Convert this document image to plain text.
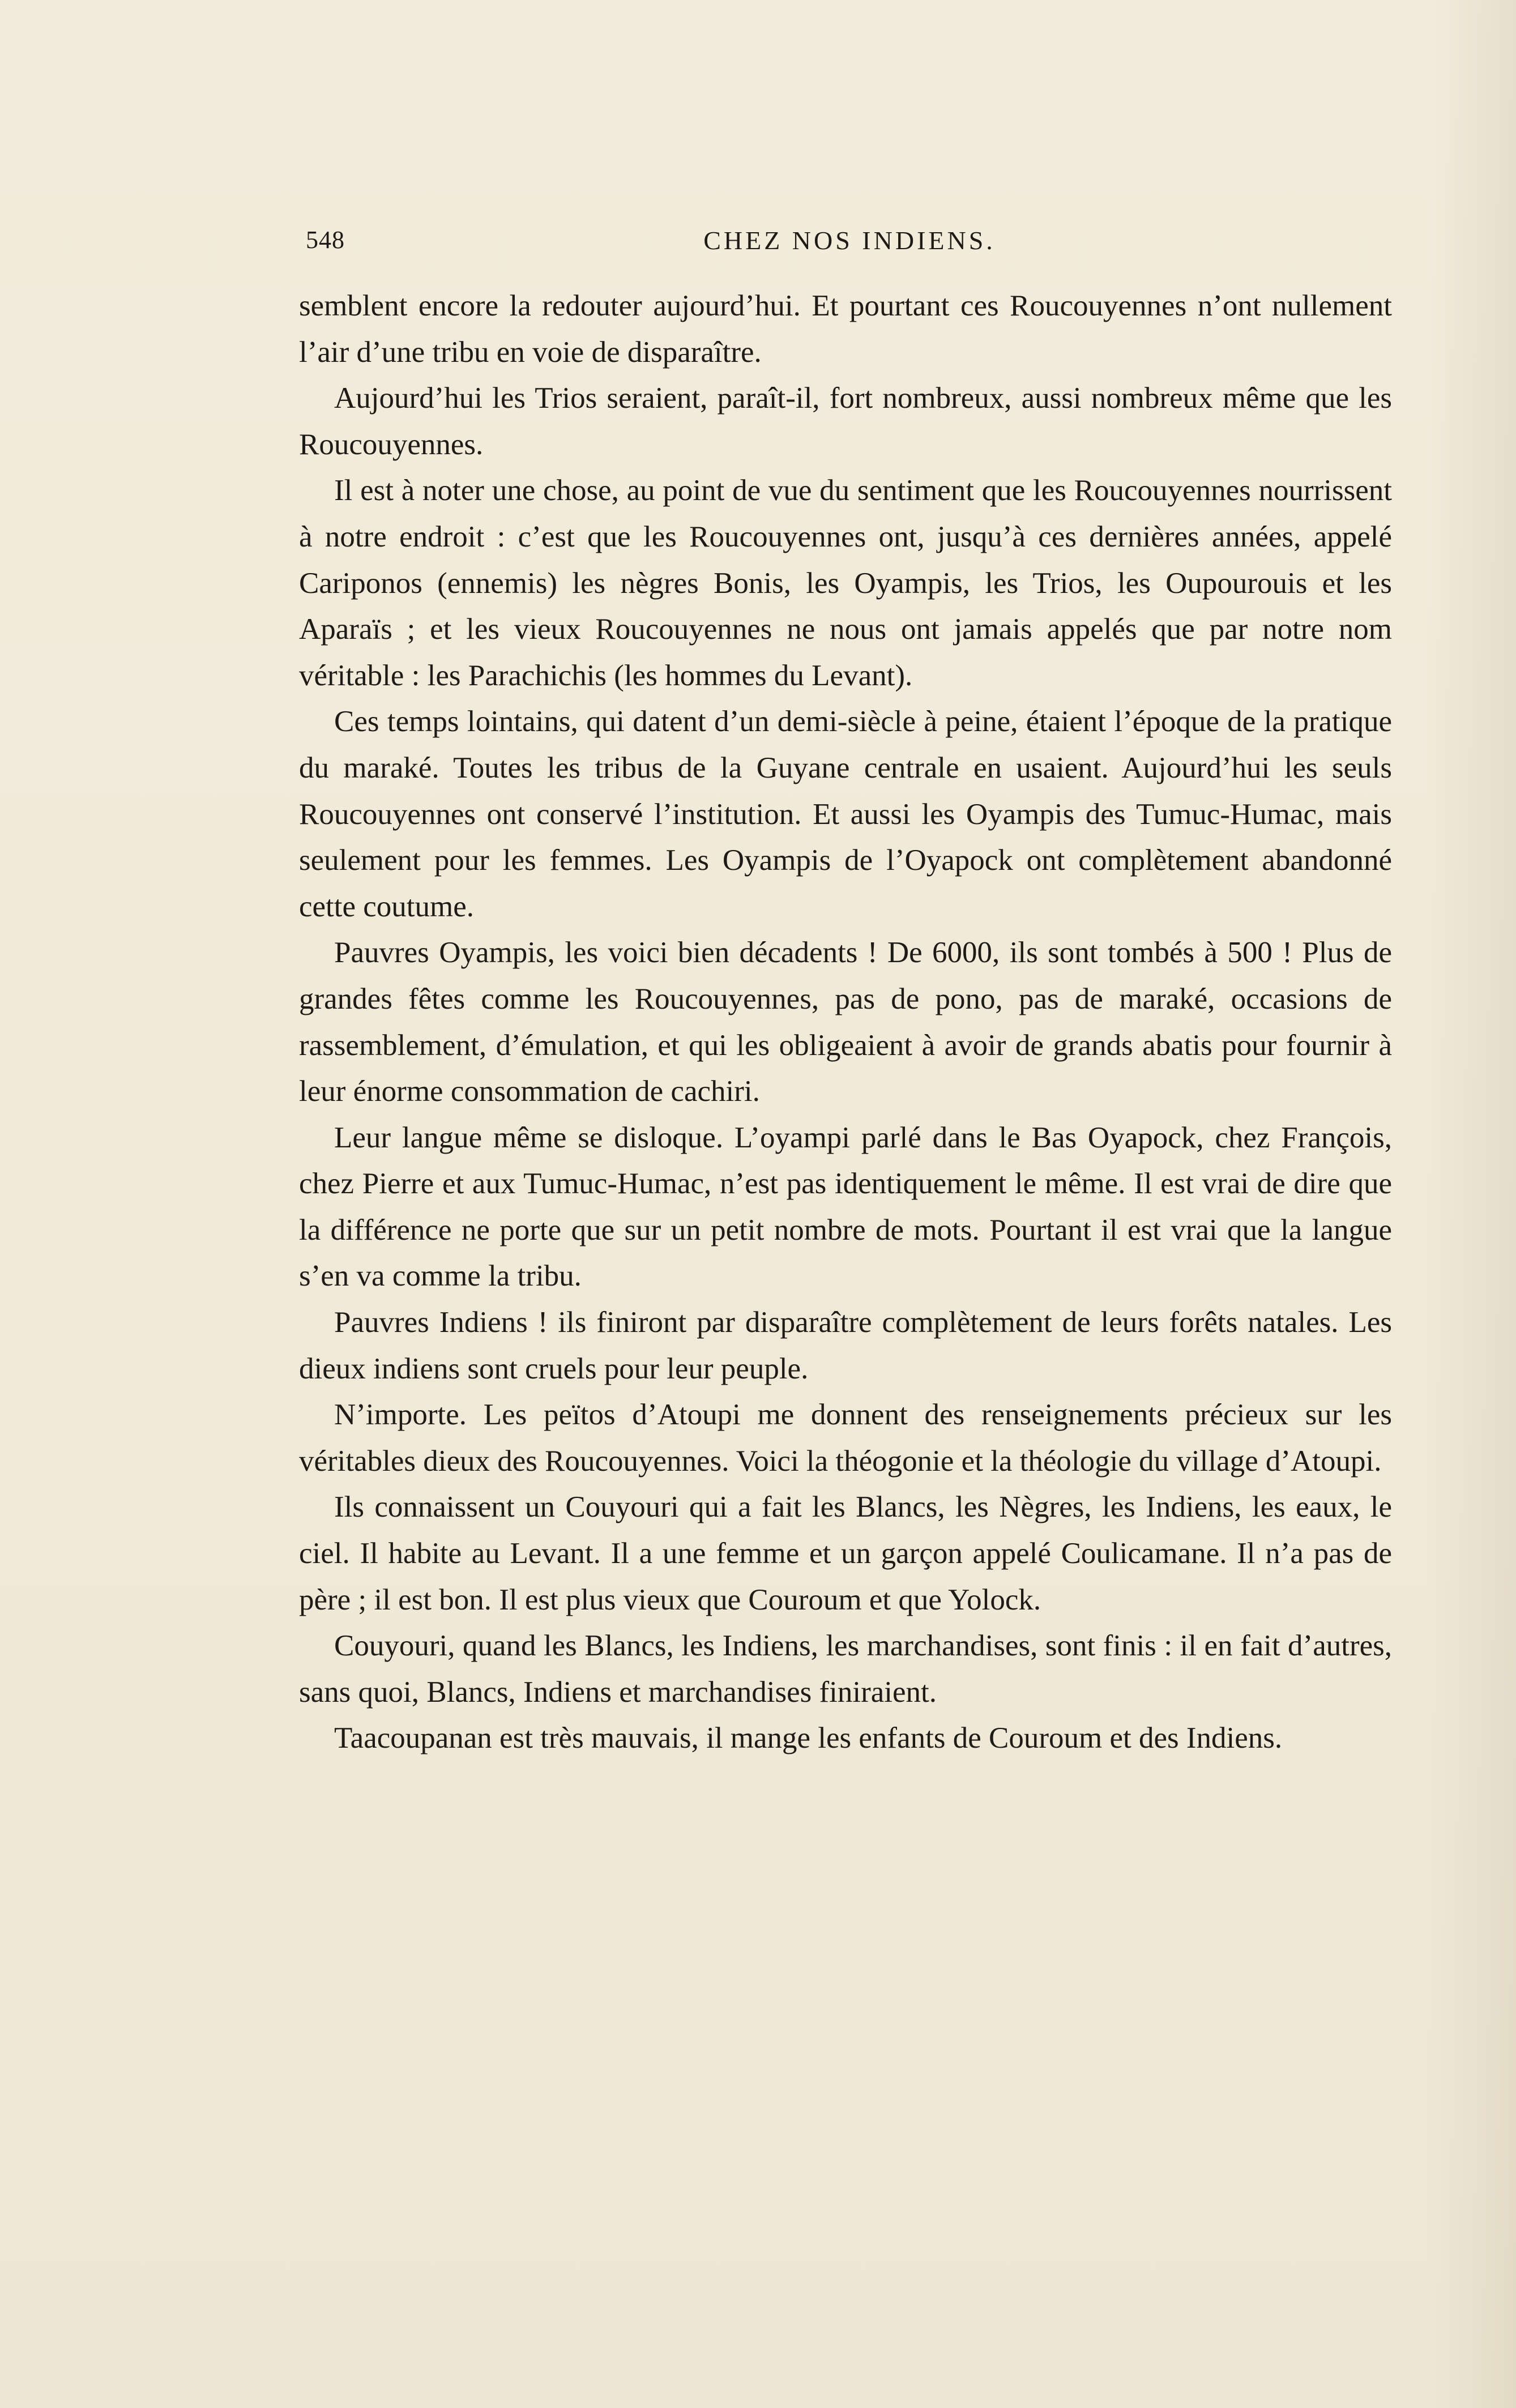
548	CHEZ NOS INDIENS.

semblent encore la redouter aujourd’hui. Et pourtant ces Roucouyennes n’ont nullement l’air d’une tribu en voie de disparaître.

Aujourd’hui les Trios seraient, paraît-il, fort nombreux, aussi nombreux même que les Roucouyennes.

Il est à noter une chose, au point de vue du sentiment que les Roucouyennes nourrissent à notre endroit : c’est que les Roucouyennes ont, jusqu’à ces dernières années, appelé Cariponos (ennemis) les nègres Bonis, les Oyampis, les Trios, les Oupourouis et les Aparaïs ; et les vieux Roucouyennes ne nous ont jamais appelés que par notre nom véritable : les Parachichis (les hommes du Levant).

Ces temps lointains, qui datent d’un demi-siècle à peine, étaient l’époque de la pratique du maraké. Toutes les tribus de la Guyane centrale en usaient. Aujourd’hui les seuls Roucouyennes ont conservé l’institution. Et aussi les Oyampis des Tumuc-Humac, mais seulement pour les femmes. Les Oyampis de l’Oyapock ont complètement abandonné cette coutume.

Pauvres Oyampis, les voici bien décadents ! De 6000, ils sont tombés à 500 ! Plus de grandes fêtes comme les Roucouyennes, pas de pono, pas de maraké, occasions de rassemblement, d’émulation, et qui les obligeaient à avoir de grands abatis pour fournir à leur énorme consommation de cachiri.

Leur langue même se disloque. L’oyampi parlé dans le Bas Oyapock, chez François, chez Pierre et aux Tumuc-Humac, n’est pas identiquement le même. Il est vrai de dire que la différence ne porte que sur un petit nombre de mots. Pourtant il est vrai que la langue s’en va comme la tribu.

Pauvres Indiens ! ils finiront par disparaître complètement de leurs forêts natales. Les dieux indiens sont cruels pour leur peuple.

N’importe. Les peïtos d’Atoupi me donnent des renseignements précieux sur les véritables dieux des Roucouyennes. Voici la théogonie et la théologie du village d’Atoupi.

Ils connaissent un Couyouri qui a fait les Blancs, les Nègres, les Indiens, les eaux, le ciel. Il habite au Levant. Il a une femme et un garçon appelé Coulicamane. Il n’a pas de père ; il est bon. Il est plus vieux que Couroum et que Yolock.

Couyouri, quand les Blancs, les Indiens, les marchandises, sont finis : il en fait d’autres, sans quoi, Blancs, Indiens et marchandises finiraient.

Taacoupanan est très mauvais, il mange les enfants de Couroum et des Indiens.
